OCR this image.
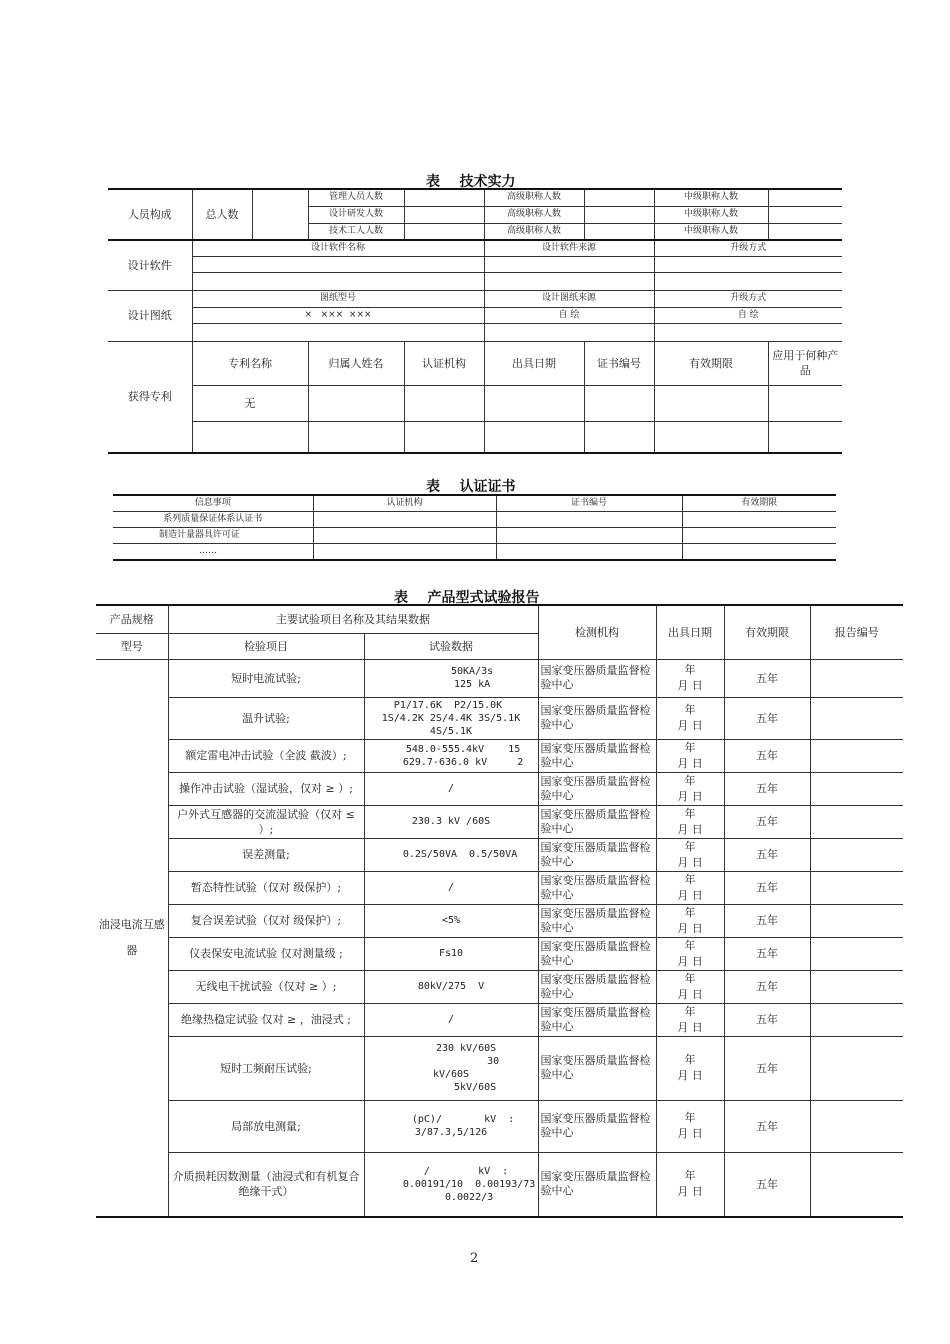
表    技术实力
人员构成	总人数		管理人员人数		高级职称人数		中级职称人数	
			设计研发人数		高级职称人数		中级职称人数	
			技术工人人数		高级职称人数		中级职称人数	
设计软件	设计软件名称				设计软件来源		升级方式	

设计图纸	图纸型号				设计图纸来源		升级方式	
	×   ×××  ×××				自 绘		自 绘	

获得专利	专利名称		归属人姓名	认证机构	出具日期	证书编号	有效期限	应用于何种产品
	无							

表    认证证书
信息事项	认证机构	证书编号	有效期限
系列质量保证体系认证书			
制造计量器具许可证			
……			
表    产品型式试验报告
产品规格	主要试验项目名称及其结果数据		检测机构	出具日期	有效期限	报告编号
型号	检验项目	试验数据				
油浸电流互感器	短时电流试验;	50KA/3s
125 kA	国家变压器质量监督检验中心	年
月 日	五年	
	温升试验;	P1/17.6K  P2/15.0K
1S/4.2K 2S/4.4K 3S/5.1K
4S/5.1K	国家变压器质量监督检验中心	年
月 日	五年	
	额定雷电冲击试验（全波 截波）;	548.0-555.4kV    15
629.7-636.0 kV     2	国家变压器质量监督检验中心	年
月 日	五年	
	操作冲击试验（湿试验，仅对 ≥ ）;	/	国家变压器质量监督检验中心	年
月 日	五年	
	户外式互感器的交流湿试验（仅对 ≤ ）;	230.3 kV /60S	国家变压器质量监督检验中心	年
月 日	五年	
	误差测量;	0.2S/50VA  0.5/50VA	国家变压器质量监督检验中心	年
月 日	五年	
	暂态特性试验（仅对 级保护）;	/	国家变压器质量监督检验中心	年
月 日	五年	
	复合误差试验（仅对 级保护）;	<5%	国家变压器质量监督检验中心	年
月 日	五年	
	仪表保安电流试验 仅对测量级 ;	Fs10	国家变压器质量监督检验中心	年
月 日	五年	
	无线电干扰试验（仅对 ≥ ）;	80kV/275  V	国家变压器质量监督检验中心	年
月 日	五年	
	绝缘热稳定试验 仅对 ≥ ，油浸式 ;	/	国家变压器质量监督检验中心	年
月 日	五年	
	短时工频耐压试验;	230 kV/60S
30
kV/60S
5kV/60S	国家变压器质量监督检验中心	年
月 日	五年	
	局部放电测量;	(pC)/       kV  :
3/87.3,5/126	国家变压器质量监督检验中心	年
月 日	五年	
	介质损耗因数测量（油浸式和有机复合绝缘干式）	/        kV  :
0.00191/10  0.00193/73
0.0022/3	国家变压器质量监督检验中心	年
月 日	五年	
2
